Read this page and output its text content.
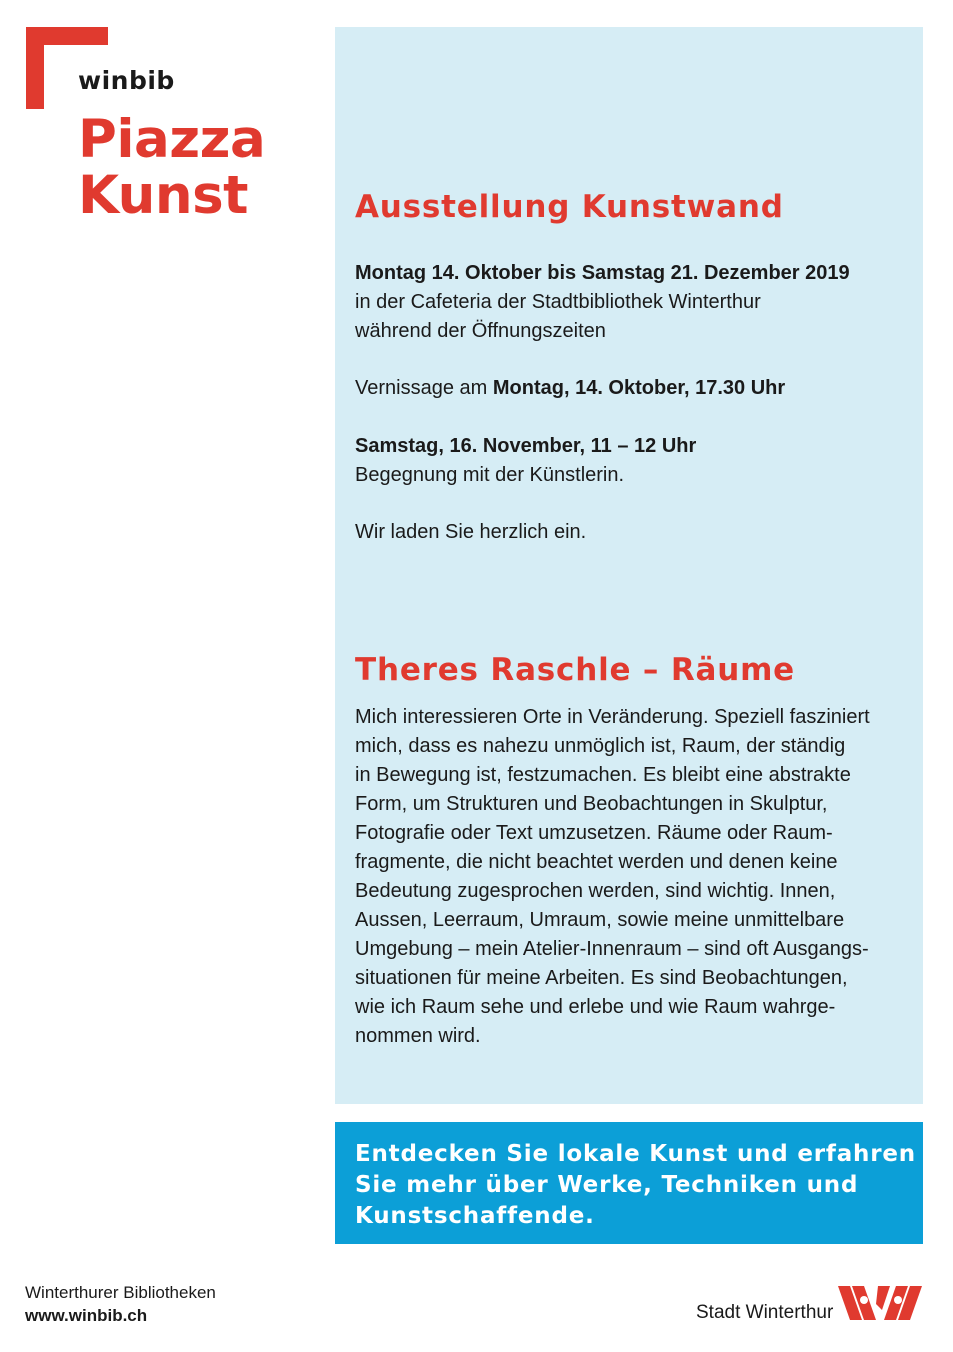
winbib
Piazza
Kunst	Ausstellung Kunstwand
Montag 14. Oktober bis Samstag 21. Dezember 2019
in der Cafeteria der Stadtbibliothek Winterthur
während der Öffnungszeiten
Vernissage am Montag, 14. Oktober, 17.30 Uhr
Samstag, 16. November, 11 – 12 Uhr
Begegnung mit der Künstlerin.
Wir laden Sie herzlich ein.
Theres Raschle – Räume
Mich interessieren Orte in Veränderung. Speziell fasziniert
mich, dass es nahezu unmöglich ist, Raum, der ständig
in Bewegung ist, festzumachen. Es bleibt eine abstrakte
Form, um Strukturen und Beobachtungen in Skulptur,
Fotografie oder Text umzusetzen. Räume oder Raum-
fragmente, die nicht beachtet werden und denen keine
Bedeutung zugesprochen werden, sind wichtig. Innen,
Aussen, Leerraum, Umraum, sowie meine unmittelbare
Umgebung – mein Atelier-Innenraum – sind oft Ausgangs-
situationen für meine Arbeiten. Es sind Beobachtungen,
wie ich Raum sehe und erlebe und wie Raum wahrge-
nommen wird.
Entdecken Sie lokale Kunst und erfahren
Sie mehr über Werke, Techniken und
Kunstschaffende.
Winterthurer Bibliotheken
www.winbib.ch	Stadt Winterthur
